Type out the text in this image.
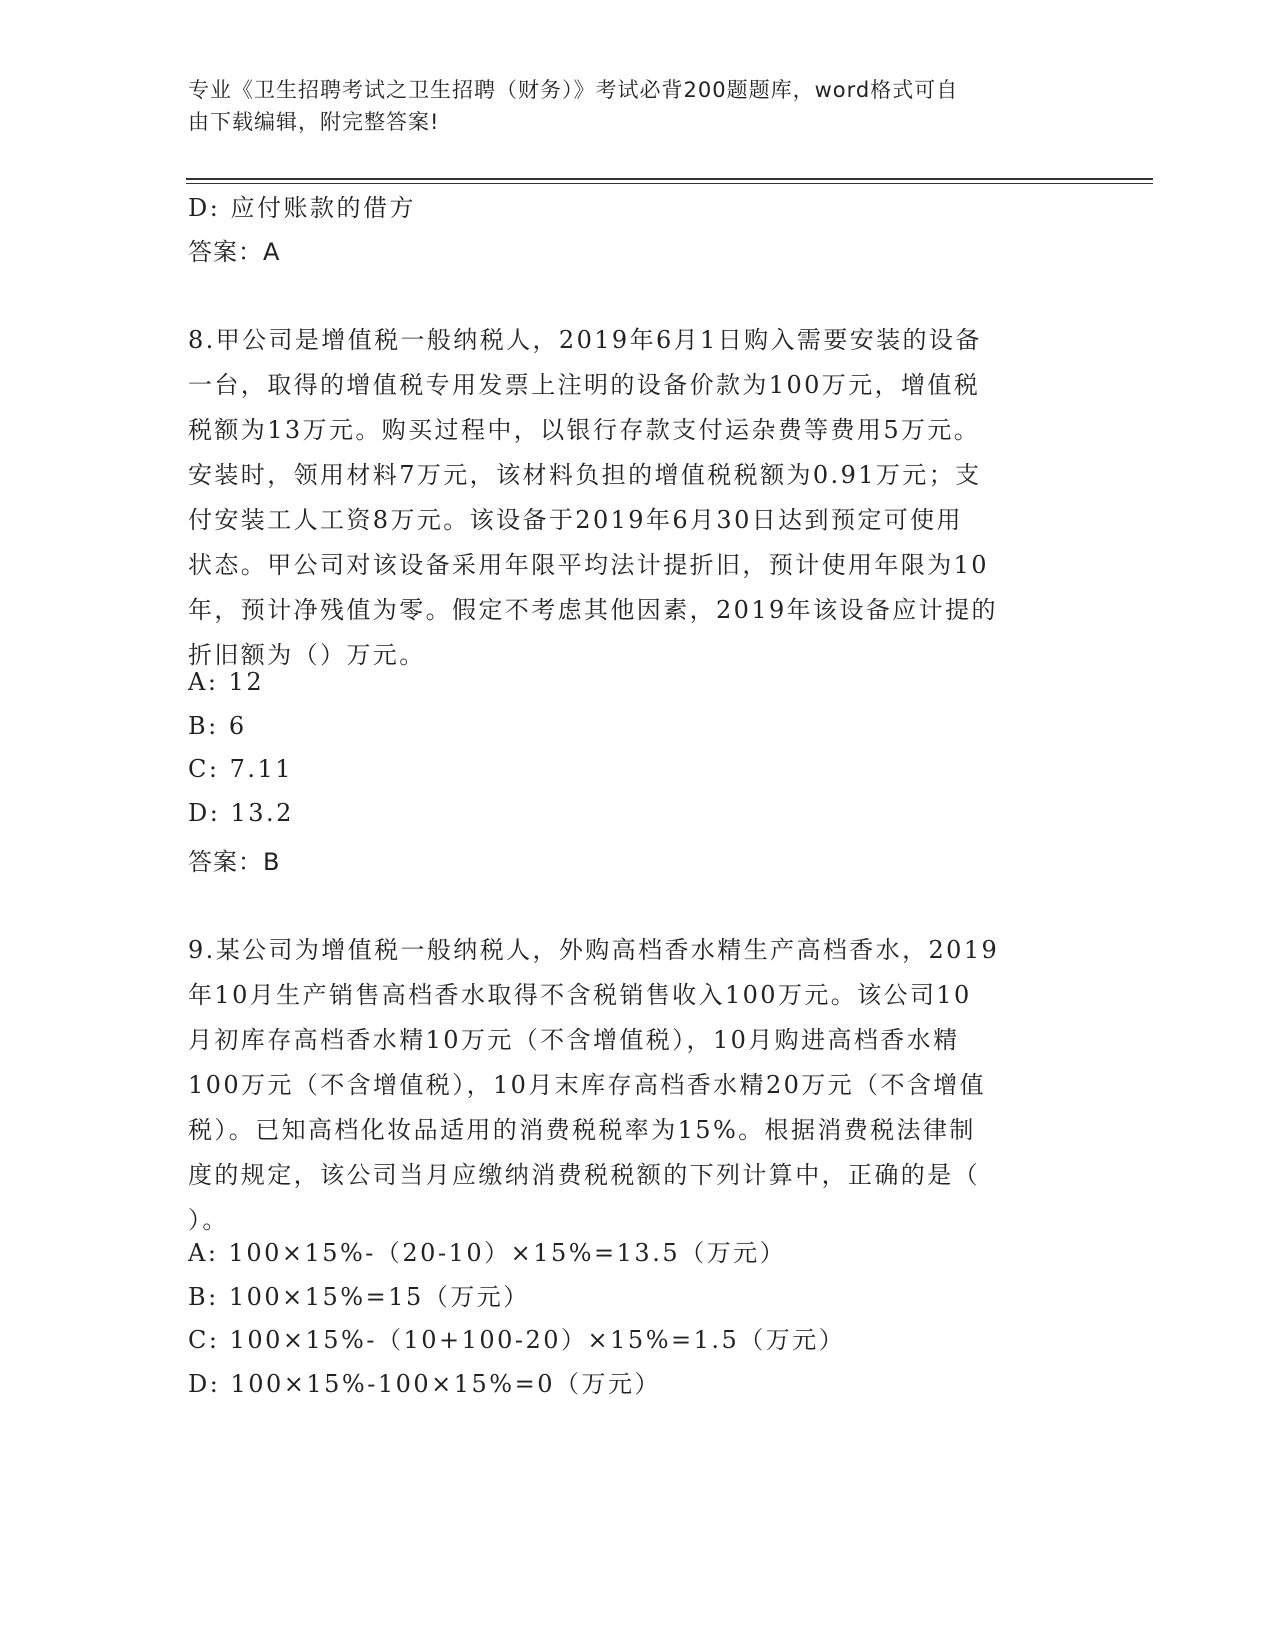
专业《卫生招聘考试之卫生招聘（财务）》考试必背200题题库，word格式可自
由下载编辑，附完整答案!
D: 应付账款的借方
答案：A
8.甲公司是增值税一般纳税人，2019年6月1日购入需要安装的设备
一台，取得的增值税专用发票上注明的设备价款为100万元，增值税
税额为13万元。购买过程中，以银行存款支付运杂费等费用5万元。
安装时，领用材料7万元，该材料负担的增值税税额为0.91万元；支
付安装工人工资8万元。该设备于2019年6月30日达到预定可使用
状态。甲公司对该设备采用年限平均法计提折旧，预计使用年限为10
年，预计净残值为零。假定不考虑其他因素，2019年该设备应计提的
折旧额为（）万元。
A: 12
B: 6
C: 7.11
D: 13.2
答案：B
9.某公司为增值税一般纳税人，外购高档香水精生产高档香水，2019
年10月生产销售高档香水取得不含税销售收入100万元。该公司10
月初库存高档香水精10万元（不含增值税），10月购进高档香水精
100万元（不含增值税），10月末库存高档香水精20万元（不含增值
税）。已知高档化妆品适用的消费税税率为15%。根据消费税法律制
度的规定，该公司当月应缴纳消费税税额的下列计算中，正确的是（
）。
A: 100×15%-（20-10）×15%=13.5（万元）
B: 100×15%=15（万元）
C: 100×15%-（10+100-20）×15%=1.5（万元）
D: 100×15%-100×15%=0（万元）
